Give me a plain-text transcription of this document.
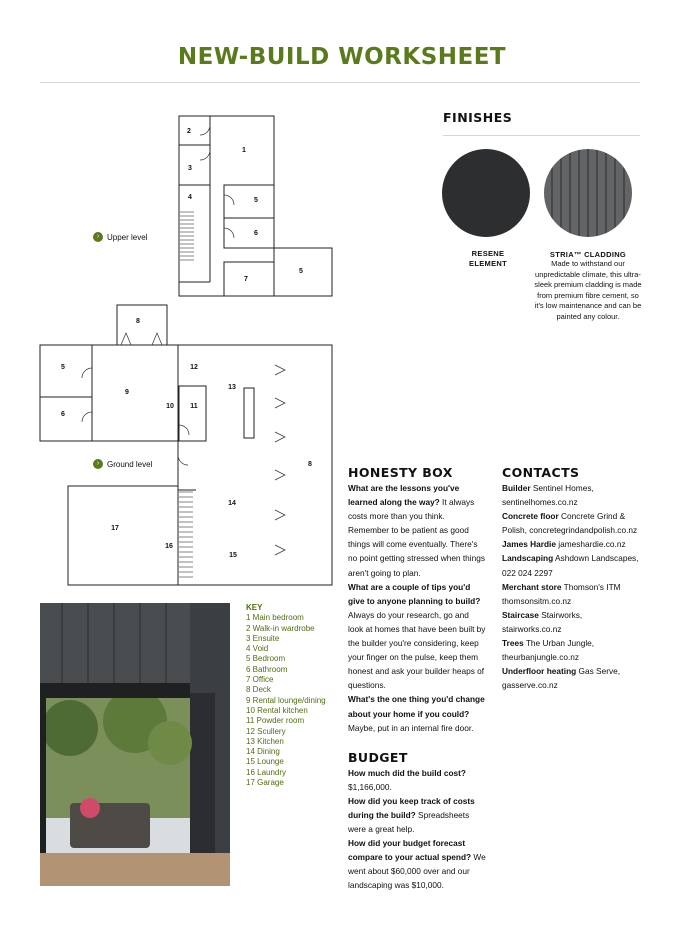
NEW-BUILD WORKSHEET
1
2
3
4	5
6
7
5
8
5
6
9
10 11
12
13
8
14
15
16
17
› Upper level
› Ground level
FINISHES
RESENE
ELEMENT
STRIA™ CLADDING
Made to withstand our unpredictable climate, this ultra-sleek premium cladding is made from premium fibre cement, so it's low maintenance and can be painted any colour.
KEY
1 Main bedroom
2 Walk-in wardrobe
3 Ensuite
4 Void
5 Bedroom
6 Bathroom
7 Office
8 Deck
9 Rental lounge/dining
10 Rental kitchen
11 Powder room
12 Scullery
13 Kitchen
14 Dining
15 Lounge
16 Laundry
17 Garage
HONESTY BOX

What are the lessons you've learned along the way? It always costs more than you think. Remember to be patient as good things will come eventually. There's no point getting stressed when things aren't going to plan.

What are a couple of tips you'd give to anyone planning to build? Always do your research, go and look at homes that have been built by the builder you're considering, keep your finger on the pulse, keep them honest and ask your builder heaps of questions.

What's the one thing you'd change about your home if you could? Maybe, put in an internal fire door.

BUDGET

How much did the build cost? $1,166,000.

How did you keep track of costs during the build? Spreadsheets were a great help.

How did your budget forecast compare to your actual spend? We went about $60,000 over and our landscaping was $10,000.

CONTACTS

Builder Sentinel Homes, sentinelhomes.co.nz

Concrete floor Concrete Grind & Polish, concretegrindandpolish.co.nz

James Hardie jameshardie.co.nz

Landscaping Ashdown Landscapes, 022 024 2297

Merchant store Thomson's ITM thomsonsitm.co.nz

Staircase Stairworks, stairworks.co.nz

Trees The Urban Jungle, theurbanjungle.co.nz

Underfloor heating Gas Serve, gasserve.co.nz
